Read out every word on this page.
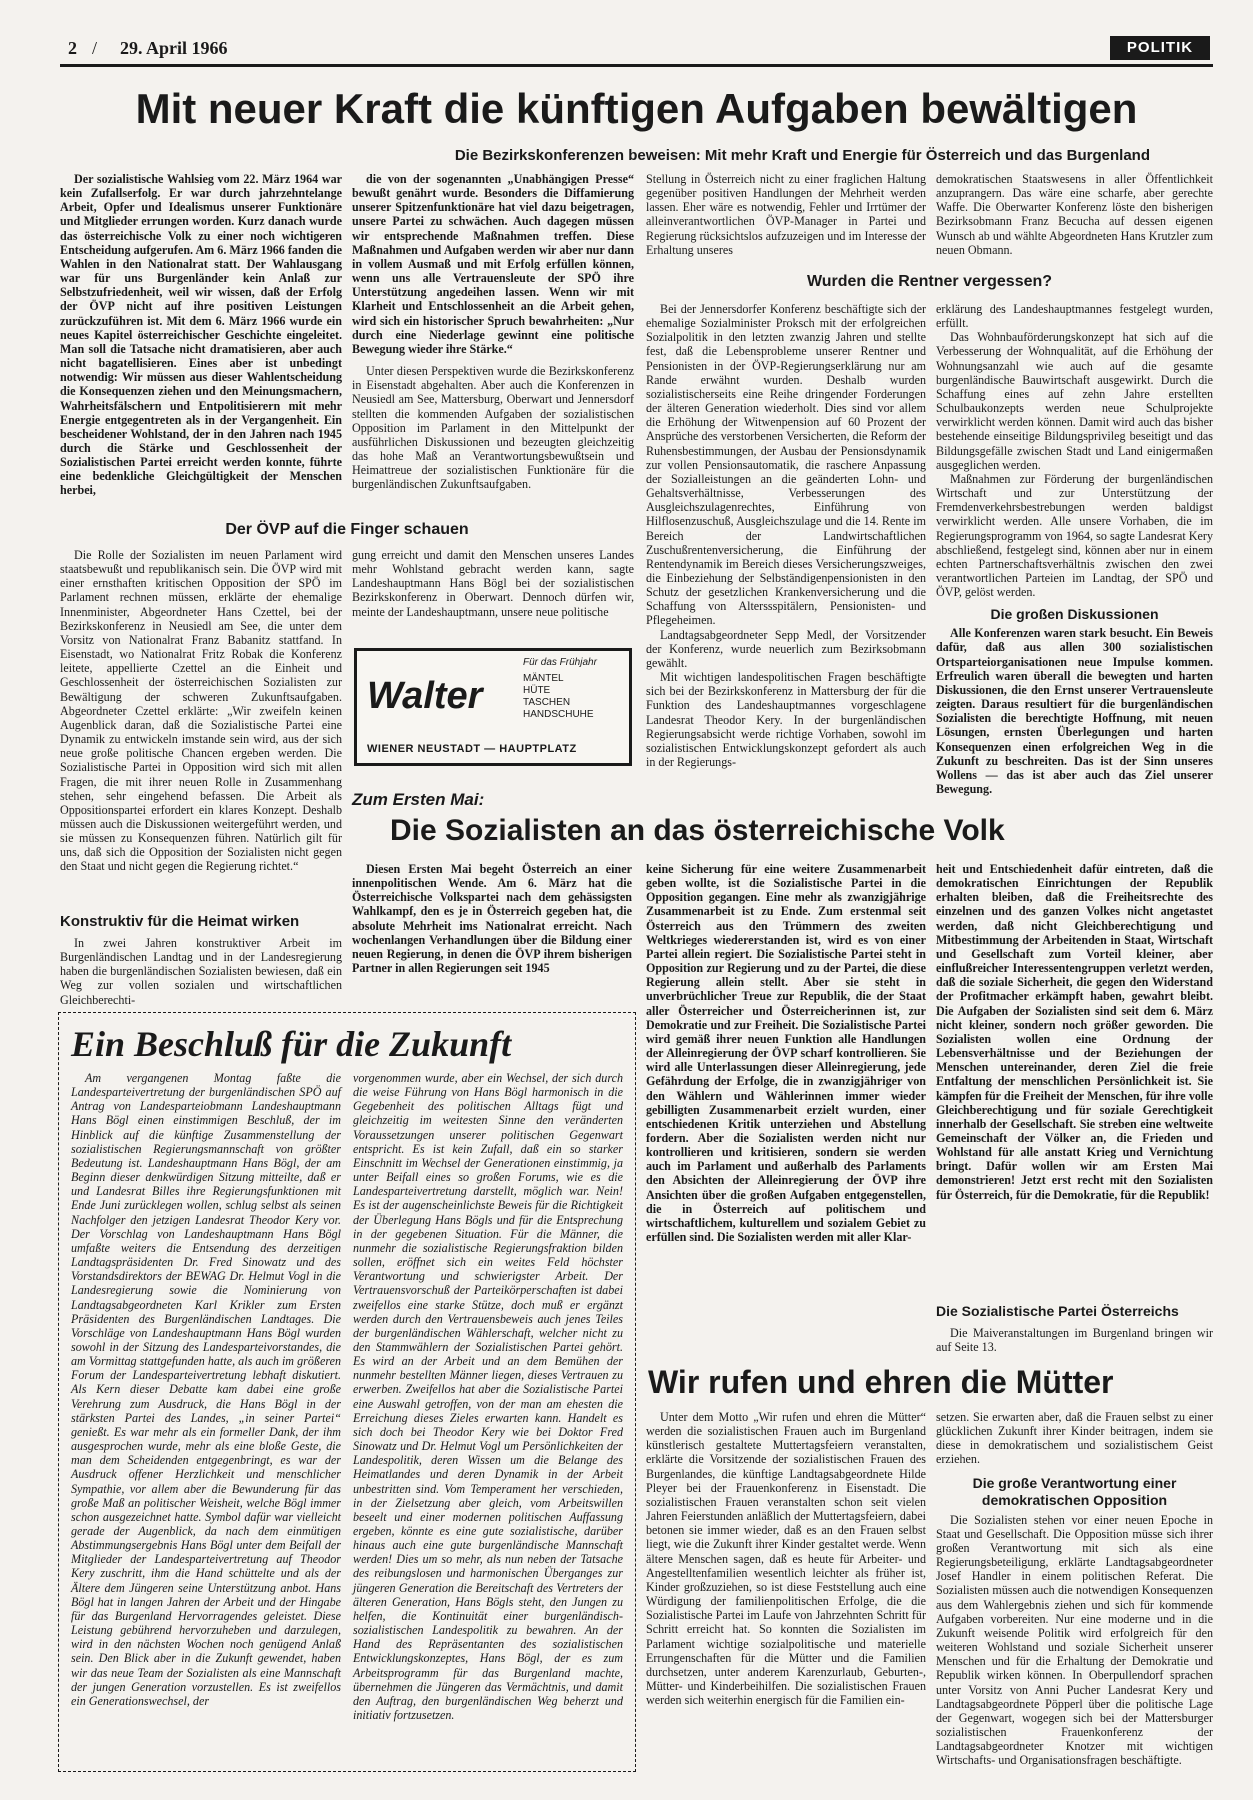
2 / 29. April 1966	POLITIK
Mit neuer Kraft die künftigen Aufgaben bewältigen
Die Bezirkskonferenzen beweisen: Mit mehr Kraft und Energie für Österreich und das Burgenland

Der sozialistische Wahlsieg vom 22. März 1964 war kein Zufallserfolg. Er war durch jahrzehntelange Arbeit, Opfer und Idealismus unserer Funktionäre und Mitglieder errungen worden. Kurz danach wurde das österreichische Volk zu einer noch wichtigeren Entscheidung aufgerufen. Am 6. März 1966 fanden die Wahlen in den Nationalrat statt. Der Wahlausgang war für uns Burgenländer kein Anlaß zur Selbstzufriedenheit, weil wir wissen, daß der Erfolg der ÖVP nicht auf ihre positiven Leistungen zurückzuführen ist. Mit dem 6. März 1966 wurde ein neues Kapitel österreichischer Geschichte eingeleitet. Man soll die Tatsache nicht dramatisieren, aber auch nicht bagatellisieren. Eines aber ist unbedingt notwendig: Wir müssen aus dieser Wahlentscheidung die Konsequenzen ziehen und den Meinungsmachern, Wahrheitsfälschern und Entpolitisierern mit mehr Energie entgegentreten als in der Vergangenheit. Ein bescheidener Wohlstand, der in den Jahren nach 1945 durch die Stärke und Geschlossenheit der Sozialistischen Partei erreicht werden konnte, führte eine bedenkliche Gleichgültigkeit der Menschen herbei,

die von der sogenannten „Unabhängigen Presse“ bewußt genährt wurde. Besonders die Diffamierung unserer Spitzenfunktionäre hat viel dazu beigetragen, unsere Partei zu schwächen. Auch dagegen müssen wir entsprechende Maßnahmen treffen. Diese Maßnahmen und Aufgaben werden wir aber nur dann in vollem Ausmaß und mit Erfolg erfüllen können, wenn uns alle Vertrauensleute der SPÖ ihre Unterstützung angedeihen lassen. Wenn wir mit Klarheit und Entschlossenheit an die Arbeit gehen, wird sich ein historischer Spruch bewahrheiten: „Nur durch eine Niederlage gewinnt eine politische Bewegung wieder ihre Stärke.“

Unter diesen Perspektiven wurde die Bezirkskonferenz in Eisenstadt abgehalten. Aber auch die Konferenzen in Neusiedl am See, Mattersburg, Oberwart und Jennersdorf stellten die kommenden Aufgaben der sozialistischen Opposition im Parlament in den Mittelpunkt der ausführlichen Diskussionen und bezeugten gleichzeitig das hohe Maß an Verantwortungsbewußtsein und Heimattreue der sozialistischen Funktionäre für die burgenländischen Zukunftsaufgaben.

Stellung in Österreich nicht zu einer fraglichen Haltung gegenüber positiven Handlungen der Mehrheit werden lassen. Eher wäre es notwendig, Fehler und Irrtümer der alleinverantwortlichen ÖVP-Manager in Partei und Regierung rücksichtslos aufzuzeigen und im Interesse der Erhaltung unseres

demokratischen Staatswesens in aller Öffentlichkeit anzuprangern. Das wäre eine scharfe, aber gerechte Waffe. Die Oberwarter Konferenz löste den bisherigen Bezirksobmann Franz Becucha auf dessen eigenen Wunsch ab und wählte Abgeordneten Hans Krutzler zum neuen Obmann.

Wurden die Rentner vergessen?

Bei der Jennersdorfer Konferenz beschäftigte sich der ehemalige Sozialminister Proksch mit der erfolgreichen Sozialpolitik in den letzten zwanzig Jahren und stellte fest, daß die Lebensprobleme unserer Rentner und Pensionisten in der ÖVP-Regierungserklärung nur am Rande erwähnt wurden. Deshalb wurden sozialistischerseits eine Reihe dringender Forderungen der älteren Generation wiederholt. Dies sind vor allem die Erhöhung der Witwenpension auf 60 Prozent der Ansprüche des verstorbenen Versicherten, die Reform der Ruhensbestimmungen, der Ausbau der Pensionsdynamik zur vollen Pensionsautomatik, die raschere Anpassung der Sozialleistungen an die geänderten Lohn- und Gehaltsverhältnisse, Verbesserungen des Ausgleichszulagenrechtes, Einführung von Hilflosenzuschuß, Ausgleichszulage und die 14. Rente im Bereich der Landwirtschaftlichen Zuschußrentenversicherung, die Einführung der Rentendynamik im Bereich dieses Versicherungszweiges, die Einbeziehung der Selbständigenpensionisten in den Schutz der gesetzlichen Krankenversicherung und die Schaffung von Alterssspitälern, Pensionisten- und Pflegeheimen.

Landtagsabgeordneter Sepp Medl, der Vorsitzender der Konferenz, wurde neuerlich zum Bezirksobmann gewählt.

Mit wichtigen landespolitischen Fragen beschäftigte sich bei der Bezirkskonferenz in Mattersburg der für die Funktion des Landeshauptmannes vorgeschlagene Landesrat Theodor Kery. In der burgenländischen Regierungsabsicht werde richtige Vorhaben, sowohl im sozialistischen Entwicklungskonzept gefordert als auch in der Regierungs-

erklärung des Landeshauptmannes festgelegt wurden, erfüllt.

Das Wohnbauförderungskonzept hat sich auf die Verbesserung der Wohnqualität, auf die Erhöhung der Wohnungsanzahl wie auch auf die gesamte burgenländische Bauwirtschaft ausgewirkt. Durch die Schaffung eines auf zehn Jahre erstellten Schulbaukonzepts werden neue Schulprojekte verwirklicht werden können. Damit wird auch das bisher bestehende einseitige Bildungsprivileg beseitigt und das Bildungsgefälle zwischen Stadt und Land einigermaßen ausgeglichen werden.

Maßnahmen zur Förderung der burgenländischen Wirtschaft und zur Unterstützung der Fremdenverkehrsbestrebungen werden baldigst verwirklicht werden. Alle unsere Vorhaben, die im Regierungsprogramm von 1964, so sagte Landesrat Kery abschließend, festgelegt sind, können aber nur in einem echten Partnerschaftsverhältnis zwischen den zwei verantwortlichen Parteien im Landtag, der SPÖ und ÖVP, gelöst werden.

Die großen Diskussionen

Alle Konferenzen waren stark besucht. Ein Beweis dafür, daß aus allen 300 sozialistischen Ortsparteiorganisationen neue Impulse kommen. Erfreulich waren überall die bewegten und harten Diskussionen, die den Ernst unserer Vertrauensleute zeigten. Daraus resultiert für die burgenländischen Sozialisten die berechtigte Hoffnung, mit neuen Lösungen, ernsten Überlegungen und harten Konsequenzen einen erfolgreichen Weg in die Zukunft zu beschreiten. Das ist der Sinn unseres Wollens — das ist aber auch das Ziel unserer Bewegung.

Der ÖVP auf die Finger schauen

Die Rolle der Sozialisten im neuen Parlament wird staatsbewußt und republikanisch sein. Die ÖVP wird mit einer ernsthaften kritischen Opposition der SPÖ im Parlament rechnen müssen, erklärte der ehemalige Innenminister, Abgeordneter Hans Czettel, bei der Bezirkskonferenz in Neusiedl am See, die unter dem Vorsitz von Nationalrat Franz Babanitz stattfand. In Eisenstadt, wo Nationalrat Fritz Robak die Konferenz leitete, appellierte Czettel an die Einheit und Geschlossenheit der österreichischen Sozialisten zur Bewältigung der schweren Zukunftsaufgaben. Abgeordneter Czettel erklärte: „Wir zweifeln keinen Augenblick daran, daß die Sozialistische Partei eine Dynamik zu entwickeln imstande sein wird, aus der sich neue große politische Chancen ergeben werden. Die Sozialistische Partei in Opposition wird sich mit allen Fragen, die mit ihrer neuen Rolle in Zusammenhang stehen, sehr eingehend befassen. Die Arbeit als Oppositionspartei erfordert ein klares Konzept. Deshalb müssen auch die Diskussionen weitergeführt werden, und sie müssen zu Konsequenzen führen. Natürlich gilt für uns, daß sich die Opposition der Sozialisten nicht gegen den Staat und nicht gegen die Regierung richtet.“

gung erreicht und damit den Menschen unseres Landes mehr Wohlstand gebracht werden kann, sagte Landeshauptmann Hans Bögl bei der sozialistischen Bezirkskonferenz in Oberwart. Dennoch dürfen wir, meinte der Landeshauptmann, unsere neue politische

Für das Frühjahr
Walter	MÄNTEL
HÜTE
TASCHEN
HANDSCHUHE
WIENER NEUSTADT — HAUPTPLATZ
Konstruktiv für die Heimat wirken

In zwei Jahren konstruktiver Arbeit im Burgenländischen Landtag und in der Landesregierung haben die burgenländischen Sozialisten bewiesen, daß ein Weg zur vollen sozialen und wirtschaftlichen Gleichberechti-

Zum Ersten Mai:
Die Sozialisten an das österreichische Volk

Diesen Ersten Mai begeht Österreich an einer innenpolitischen Wende. Am 6. März hat die Österreichische Volkspartei nach dem gehässigsten Wahlkampf, den es je in Österreich gegeben hat, die absolute Mehrheit ims Nationalrat erreicht. Nach wochenlangen Verhandlungen über die Bildung einer neuen Regierung, in denen die ÖVP ihrem bisherigen Partner in allen Regierungen seit 1945

keine Sicherung für eine weitere Zusammenarbeit geben wollte, ist die Sozialistische Partei in die Opposition gegangen. Eine mehr als zwanzigjährige Zusammenarbeit ist zu Ende. Zum erstenmal seit Österreich aus den Trümmern des zweiten Weltkrieges wiedererstanden ist, wird es von einer Partei allein regiert. Die Sozialistische Partei steht in Opposition zur Regierung und zu der Partei, die diese Regierung allein stellt. Aber sie steht in unverbrüchlicher Treue zur Republik, die der Staat aller Österreicher und Österreicherinnen ist, zur Demokratie und zur Freiheit. Die Sozialistische Partei wird gemäß ihrer neuen Funktion alle Handlungen der Alleinregierung der ÖVP scharf kontrollieren. Sie wird alle Unterlassungen dieser Alleinregierung, jede Gefährdung der Erfolge, die in zwanzigjähriger von den Wählern und Wählerinnen immer wieder gebilligten Zusammenarbeit erzielt wurden, einer entschiedenen Kritik unterziehen und Abstellung fordern. Aber die Sozialisten werden nicht nur kontrollieren und kritisieren, sondern sie werden auch im Parlament und außerhalb des Parlaments den Absichten der Alleinregierung der ÖVP ihre Ansichten über die großen Aufgaben entgegenstellen, die in Österreich auf politischem und wirtschaftlichem, kulturellem und sozialem Gebiet zu erfüllen sind. Die Sozialisten werden mit aller Klar-

heit und Entschiedenheit dafür eintreten, daß die demokratischen Einrichtungen der Republik erhalten bleiben, daß die Freiheitsrechte des einzelnen und des ganzen Volkes nicht angetastet werden, daß nicht Gleichberechtigung und Mitbestimmung der Arbeitenden in Staat, Wirtschaft und Gesellschaft zum Vorteil kleiner, aber einflußreicher Interessentengruppen verletzt werden, daß die soziale Sicherheit, die gegen den Widerstand der Profitmacher erkämpft haben, gewahrt bleibt. Die Aufgaben der Sozialisten sind seit dem 6. März nicht kleiner, sondern noch größer geworden. Die Sozialisten wollen eine Ordnung der Lebensverhältnisse und der Beziehungen der Menschen untereinander, deren Ziel die freie Entfaltung der menschlichen Persönlichkeit ist. Sie kämpfen für die Freiheit der Menschen, für ihre volle Gleichberechtigung und für soziale Gerechtigkeit innerhalb der Gesellschaft. Sie streben eine weltweite Gemeinschaft der Völker an, die Frieden und Wohlstand für alle anstatt Krieg und Vernichtung bringt. Dafür wollen wir am Ersten Mai demonstrieren! Jetzt erst recht mit den Sozialisten für Österreich, für die Demokratie, für die Republik!

Die Sozialistische Partei Österreichs

Die Maiveranstaltungen im Burgenland bringen wir auf Seite 13.

Ein Beschluß für die Zukunft

Am vergangenen Montag faßte die Landesparteivertretung der burgenländischen SPÖ auf Antrag von Landesparteiobmann Landeshauptmann Hans Bögl einen einstimmigen Beschluß, der im Hinblick auf die künftige Zusammenstellung der sozialistischen Regierungsmannschaft von größter Bedeutung ist. Landeshauptmann Hans Bögl, der am Beginn dieser denkwürdigen Sitzung mitteilte, daß er und Landesrat Billes ihre Regierungsfunktionen mit Ende Juni zurücklegen wollen, schlug selbst als seinen Nachfolger den jetzigen Landesrat Theodor Kery vor. Der Vorschlag von Landeshauptmann Hans Bögl umfaßte weiters die Entsendung des derzeitigen Landtagspräsidenten Dr. Fred Sinowatz und des Vorstandsdirektors der BEWAG Dr. Helmut Vogl in die Landesregierung sowie die Nominierung von Landtagsabgeordneten Karl Krikler zum Ersten Präsidenten des Burgenländischen Landtages. Die Vorschläge von Landeshauptmann Hans Bögl wurden sowohl in der Sitzung des Landesparteivorstandes, die am Vormittag stattgefunden hatte, als auch im größeren Forum der Landesparteivertretung lebhaft diskutiert. Als Kern dieser Debatte kam dabei eine große Verehrung zum Ausdruck, die Hans Bögl in der stärksten Partei des Landes, „in seiner Partei“ genießt. Es war mehr als ein formeller Dank, der ihm ausgesprochen wurde, mehr als eine bloße Geste, die man dem Scheidenden entgegenbringt, es war der Ausdruck offener Herzlichkeit und menschlicher Sympathie, vor allem aber die Bewunderung für das große Maß an politischer Weisheit, welche Bögl immer schon ausgezeichnet hatte. Symbol dafür war vielleicht gerade der Augenblick, da nach dem einmütigen Abstimmungsergebnis Hans Bögl unter dem Beifall der Mitglieder der Landesparteivertretung auf Theodor Kery zuschritt, ihm die Hand schüttelte und als der Ältere dem Jüngeren seine Unterstützung anbot. Hans Bögl hat in langen Jahren der Arbeit und der Hingabe für das Burgenland Hervorragendes geleistet. Diese Leistung gebührend hervorzuheben und darzulegen, wird in den nächsten Wochen noch genügend Anlaß sein. Den Blick aber in die Zukunft gewendet, haben wir das neue Team der Sozialisten als eine Mannschaft der jungen Generation vorzustellen. Es ist zweifellos ein Generationswechsel, der

vorgenommen wurde, aber ein Wechsel, der sich durch die weise Führung von Hans Bögl harmonisch in die Gegebenheit des politischen Alltags fügt und gleichzeitig im weitesten Sinne den veränderten Voraussetzungen unserer politischen Gegenwart entspricht. Es ist kein Zufall, daß ein so starker Einschnitt im Wechsel der Generationen einstimmig, ja unter Beifall eines so großen Forums, wie es die Landesparteivertretung darstellt, möglich war. Nein! Es ist der augenscheinlichste Beweis für die Richtigkeit der Überlegung Hans Bögls und für die Entsprechung in der gegebenen Situation. Für die Männer, die nunmehr die sozialistische Regierungsfraktion bilden sollen, eröffnet sich ein weites Feld höchster Verantwortung und schwierigster Arbeit. Der Vertrauensvorschuß der Parteikörperschaften ist dabei zweifellos eine starke Stütze, doch muß er ergänzt werden durch den Vertrauensbeweis auch jenes Teiles der burgenländischen Wählerschaft, welcher nicht zu den Stammwählern der Sozialistischen Partei gehört. Es wird an der Arbeit und an dem Bemühen der nunmehr bestellten Männer liegen, dieses Vertrauen zu erwerben. Zweifellos hat aber die Sozialistische Partei eine Auswahl getroffen, von der man am ehesten die Erreichung dieses Zieles erwarten kann. Handelt es sich doch bei Theodor Kery wie bei Doktor Fred Sinowatz und Dr. Helmut Vogl um Persönlichkeiten der Landespolitik, deren Wissen um die Belange des Heimatlandes und deren Dynamik in der Arbeit unbestritten sind. Vom Temperament her verschieden, in der Zielsetzung aber gleich, vom Arbeitswillen beseelt und einer modernen politischen Auffassung ergeben, könnte es eine gute sozialistische, darüber hinaus auch eine gute burgenländische Mannschaft werden! Dies um so mehr, als nun neben der Tatsache des reibungslosen und harmonischen Überganges zur jüngeren Generation die Bereitschaft des Vertreters der älteren Generation, Hans Bögls steht, den Jungen zu helfen, die Kontinuität einer burgenländisch-sozialistischen Landespolitik zu bewahren. An der Hand des Repräsentanten des sozialistischen Entwicklungskonzeptes, Hans Bögl, der es zum Arbeitsprogramm für das Burgenland machte, übernehmen die Jüngeren das Vermächtnis, und damit den Auftrag, den burgenländischen Weg beherzt und initiativ fortzusetzen.

Wir rufen und ehren die Mütter

Unter dem Motto „Wir rufen und ehren die Mütter“ werden die sozialistischen Frauen auch im Burgenland künstlerisch gestaltete Muttertagsfeiern veranstalten, erklärte die Vorsitzende der sozialistischen Frauen des Burgenlandes, die künftige Landtagsabgeordnete Hilde Pleyer bei der Frauenkonferenz in Eisenstadt. Die sozialistischen Frauen veranstalten schon seit vielen Jahren Feierstunden anläßlich der Muttertagsfeiern, dabei betonen sie immer wieder, daß es an den Frauen selbst liegt, wie die Zukunft ihrer Kinder gestaltet werde. Wenn ältere Menschen sagen, daß es heute für Arbeiter- und Angestelltenfamilien wesentlich leichter als früher ist, Kinder großzuziehen, so ist diese Feststellung auch eine Würdigung der familienpolitischen Erfolge, die die Sozialistische Partei im Laufe von Jahrzehnten Schritt für Schritt erreicht hat. So konnten die Sozialisten im Parlament wichtige sozialpolitische und materielle Errungenschaften für die Mütter und die Familien durchsetzen, unter anderem Karenzurlaub, Geburten-, Mütter- und Kinderbeihilfen. Die sozialistischen Frauen werden sich weiterhin energisch für die Familien ein-

setzen. Sie erwarten aber, daß die Frauen selbst zu einer glücklichen Zukunft ihrer Kinder beitragen, indem sie diese in demokratischem und sozialistischem Geist erziehen.

Die große Verantwortung einer demokratischen Opposition

Die Sozialisten stehen vor einer neuen Epoche in Staat und Gesellschaft. Die Opposition müsse sich ihrer großen Verantwortung mit sich als eine Regierungsbeteiligung, erklärte Landtagsabgeordneter Josef Handler in einem politischen Referat. Die Sozialisten müssen auch die notwendigen Konsequenzen aus dem Wahlergebnis ziehen und sich für kommende Aufgaben vorbereiten. Nur eine moderne und in die Zukunft weisende Politik wird erfolgreich für den weiteren Wohlstand und soziale Sicherheit unserer Menschen und für die Erhaltung der Demokratie und Republik wirken können. In Oberpullendorf sprachen unter Vorsitz von Anni Pucher Landesrat Kery und Landtagsabgeordnete Pöpperl über die politische Lage der Gegenwart, wogegen sich bei der Mattersburger sozialistischen Frauenkonferenz der Landtagsabgeordneter Knotzer mit wichtigen Wirtschafts- und Organisationsfragen beschäftigte.
